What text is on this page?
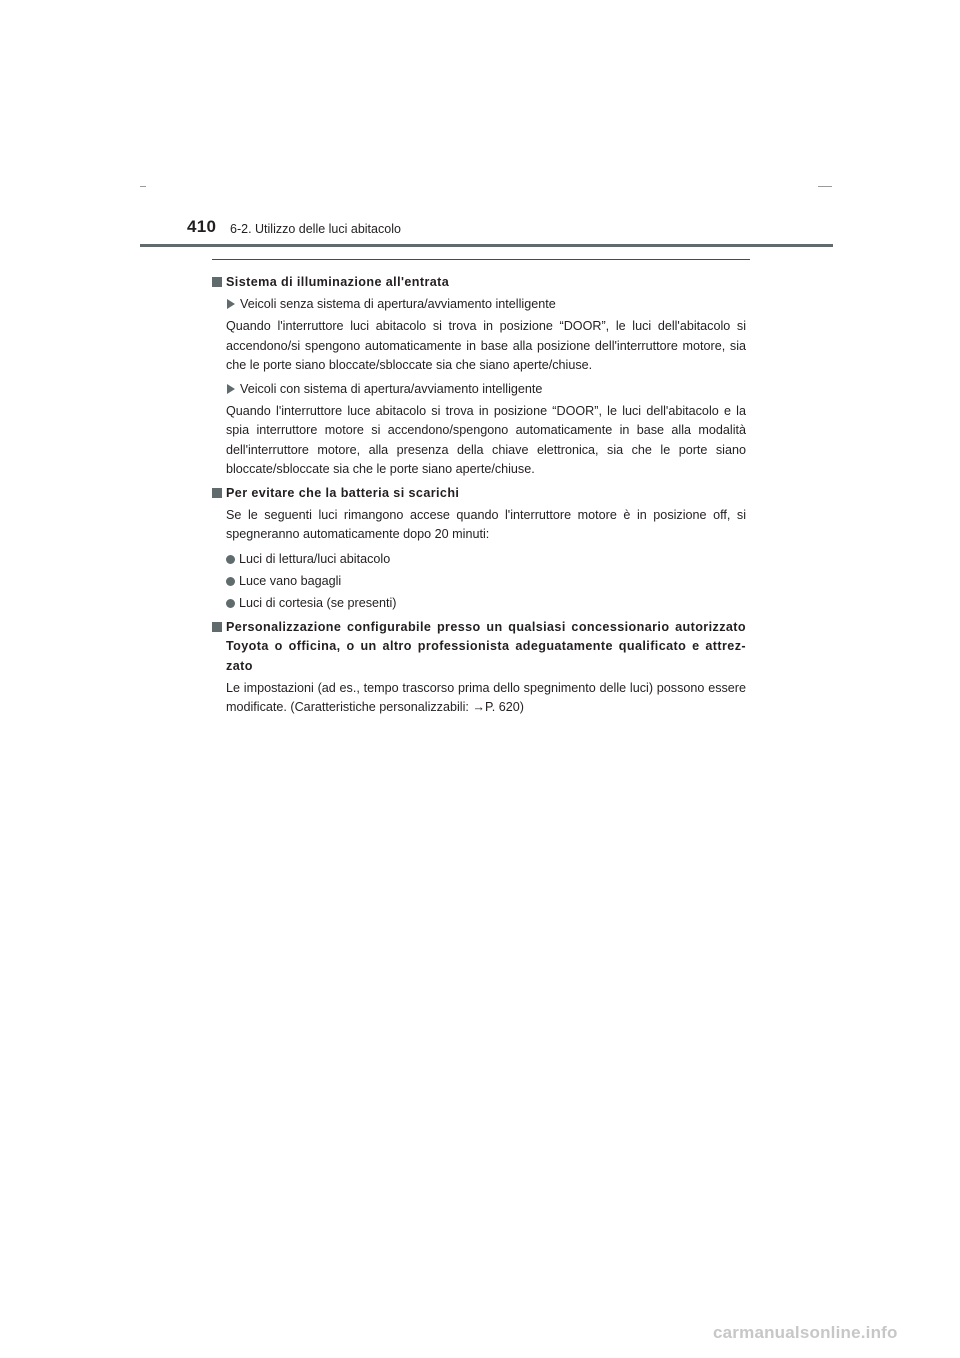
410 6-2. Utilizzo delle luci abitacolo
Sistema di illuminazione all'entrata
Veicoli senza sistema di apertura/avviamento intelligente
Quando l'interruttore luci abitacolo si trova in posizione “DOOR”, le luci dell'abitacolo si accendono/si spengono automaticamente in base alla posizione dell'interruttore motore, sia che le porte siano bloccate/sbloccate sia che siano aperte/chiuse.
Veicoli con sistema di apertura/avviamento intelligente
Quando l'interruttore luce abitacolo si trova in posizione “DOOR”, le luci dell'abitacolo e la spia interruttore motore si accendono/spengono automaticamente in base alla modalità dell'interruttore motore, alla presenza della chiave elettronica, sia che le porte siano bloccate/sbloccate sia che le porte siano aperte/chiuse.
Per evitare che la batteria si scarichi
Se le seguenti luci rimangono accese quando l'interruttore motore è in posizione off, si spegneranno automaticamente dopo 20 minuti:
Luci di lettura/luci abitacolo
Luce vano bagagli
Luci di cortesia (se presenti)
Personalizzazione configurabile presso un qualsiasi concessionario autorizzato Toyota o officina, o un altro professionista adeguatamente qualificato e attrez-zato
Le impostazioni (ad es., tempo trascorso prima dello spegnimento delle luci) possono essere modificate. (Caratteristiche personalizzabili: →P. 620)
carmanualsonline.info
